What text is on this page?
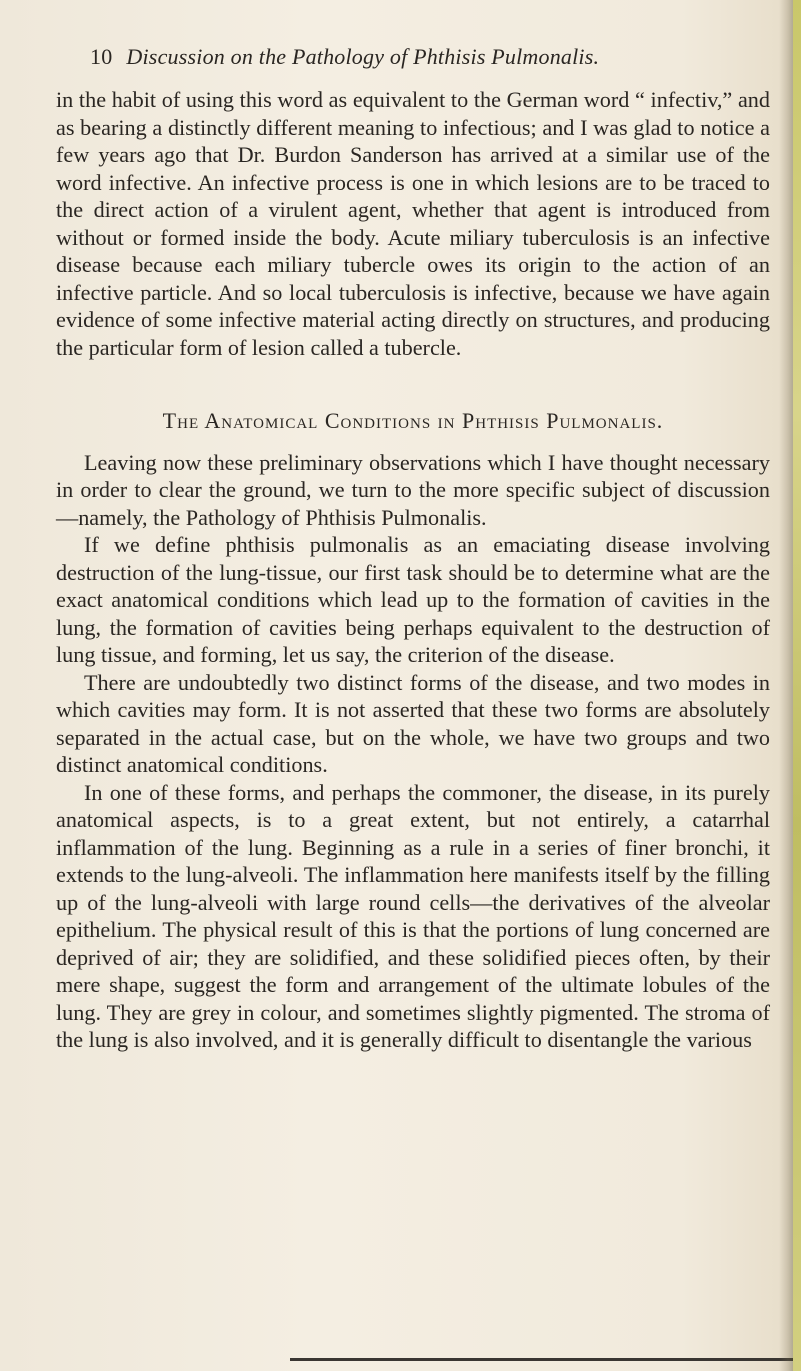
10 Discussion on the Pathology of Phthisis Pulmonalis.

in the habit of using this word as equivalent to the German word “ infectiv,” and as bearing a distinctly different meaning to infectious; and I was glad to notice a few years ago that Dr. Burdon Sanderson has arrived at a similar use of the word infective. An infective process is one in which lesions are to be traced to the direct action of a virulent agent, whether that agent is introduced from without or formed inside the body. Acute miliary tuberculosis is an infective disease because each miliary tubercle owes its origin to the action of an infective particle. And so local tuberculosis is infective, because we have again evidence of some infective material acting directly on structures, and producing the particular form of lesion called a tubercle.

The Anatomical Conditions in Phthisis Pulmonalis.

Leaving now these preliminary observations which I have thought necessary in order to clear the ground, we turn to the more specific subject of discussion—namely, the Pathology of Phthisis Pulmonalis.

If we define phthisis pulmonalis as an emaciating disease involving destruction of the lung-tissue, our first task should be to determine what are the exact anatomical conditions which lead up to the formation of cavities in the lung, the formation of cavities being perhaps equivalent to the destruction of lung tissue, and forming, let us say, the criterion of the disease.

There are undoubtedly two distinct forms of the disease, and two modes in which cavities may form. It is not asserted that these two forms are absolutely separated in the actual case, but on the whole, we have two groups and two distinct anatomical conditions.

In one of these forms, and perhaps the commoner, the disease, in its purely anatomical aspects, is to a great extent, but not entirely, a catarrhal inflammation of the lung. Beginning as a rule in a series of finer bronchi, it extends to the lung-alveoli. The inflammation here manifests itself by the filling up of the lung-alveoli with large round cells—the derivatives of the alveolar epithelium. The physical result of this is that the portions of lung concerned are deprived of air; they are solidified, and these solidified pieces often, by their mere shape, suggest the form and arrangement of the ultimate lobules of the lung. They are grey in colour, and sometimes slightly pigmented. The stroma of the lung is also involved, and it is generally difficult to disentangle the various
